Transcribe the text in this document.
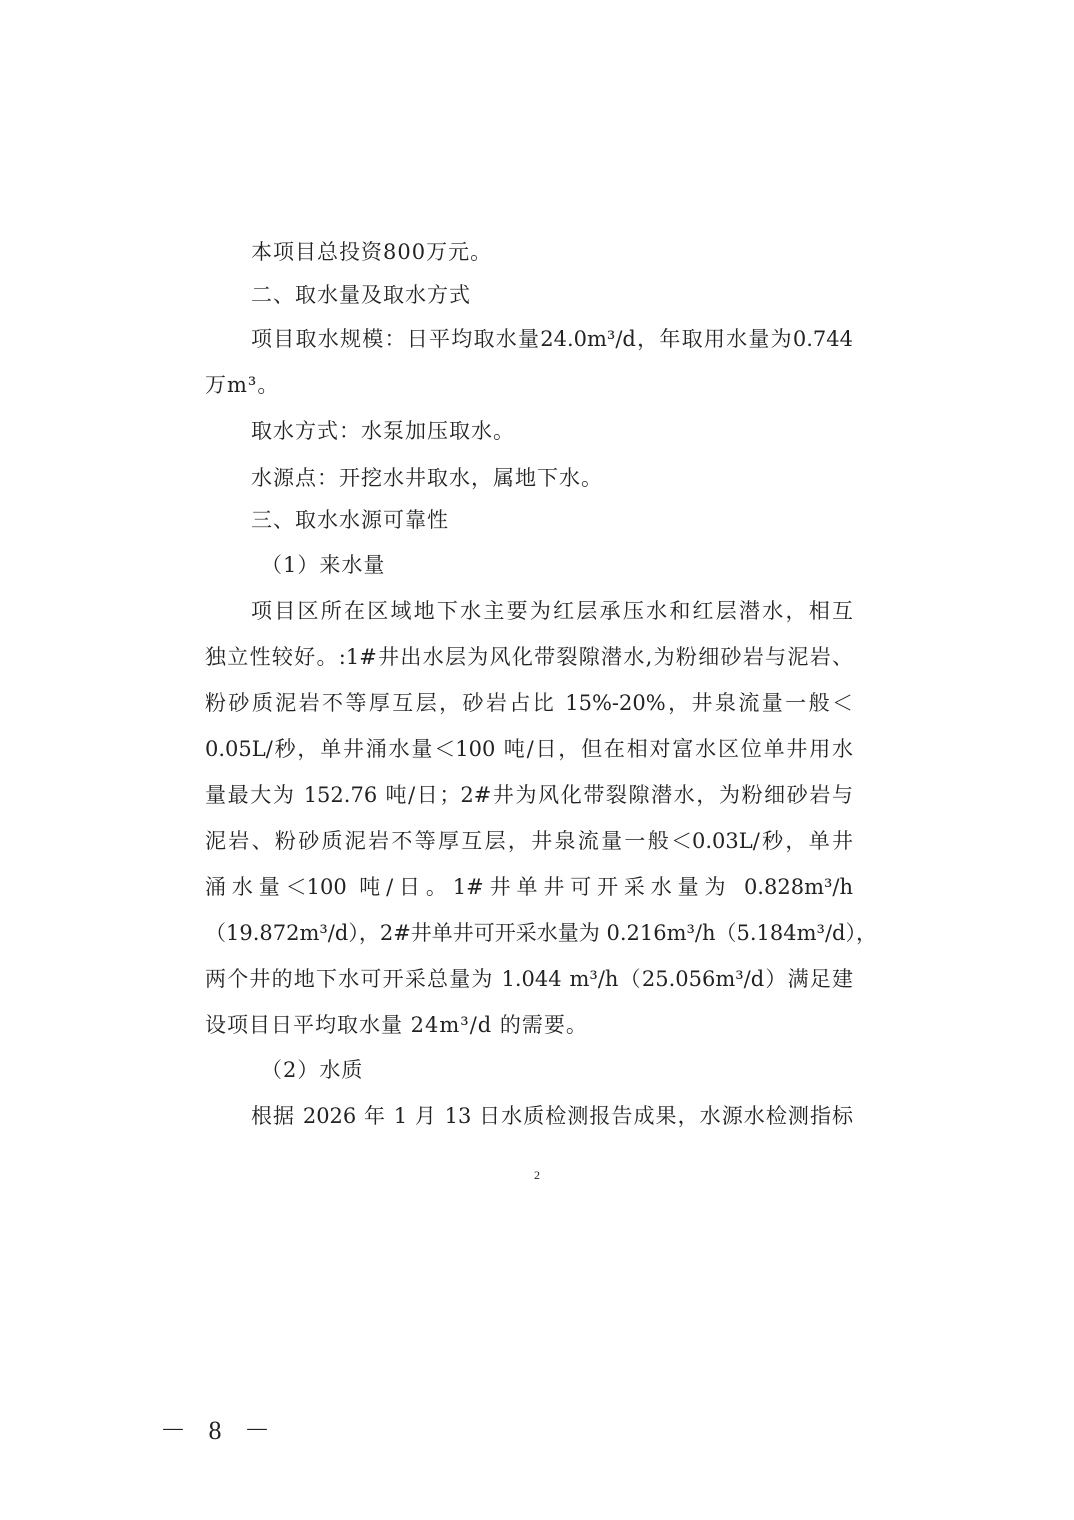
本项目总投资800万元。
二、取水量及取水方式
项目取水规模：日平均取水量24.0m³/d，年取用水量为0.744
万m³。
取水方式：水泵加压取水。
水源点：开挖水井取水，属地下水。
三、取水水源可靠性
（1）来水量
项目区所在区域地下水主要为红层承压水和红层潜水，相互
独立性较好。:1#井出水层为风化带裂隙潜水,为粉细砂岩与泥岩、
粉砂质泥岩不等厚互层，砂岩占比 15%-20%，井泉流量一般＜
0.05L/秒，单井涌水量＜100 吨/日，但在相对富水区位单井用水
量最大为 152.76 吨/日；2#井为风化带裂隙潜水，为粉细砂岩与
泥岩、粉砂质泥岩不等厚互层，井泉流量一般＜0.03L/秒，单井
涌水量＜100 吨/日。1#井单井可开采水量为 0.828m³/h
（19.872m³/d），2#井单井可开采水量为 0.216m³/h（5.184m³/d），
两个井的地下水可开采总量为 1.044 m³/h（25.056m³/d）满足建
设项目日平均取水量 24m³/d 的需要。
（2）水质
根据 2026 年 1 月 13 日水质检测报告成果，水源水检测指标
2
－ 8 －
